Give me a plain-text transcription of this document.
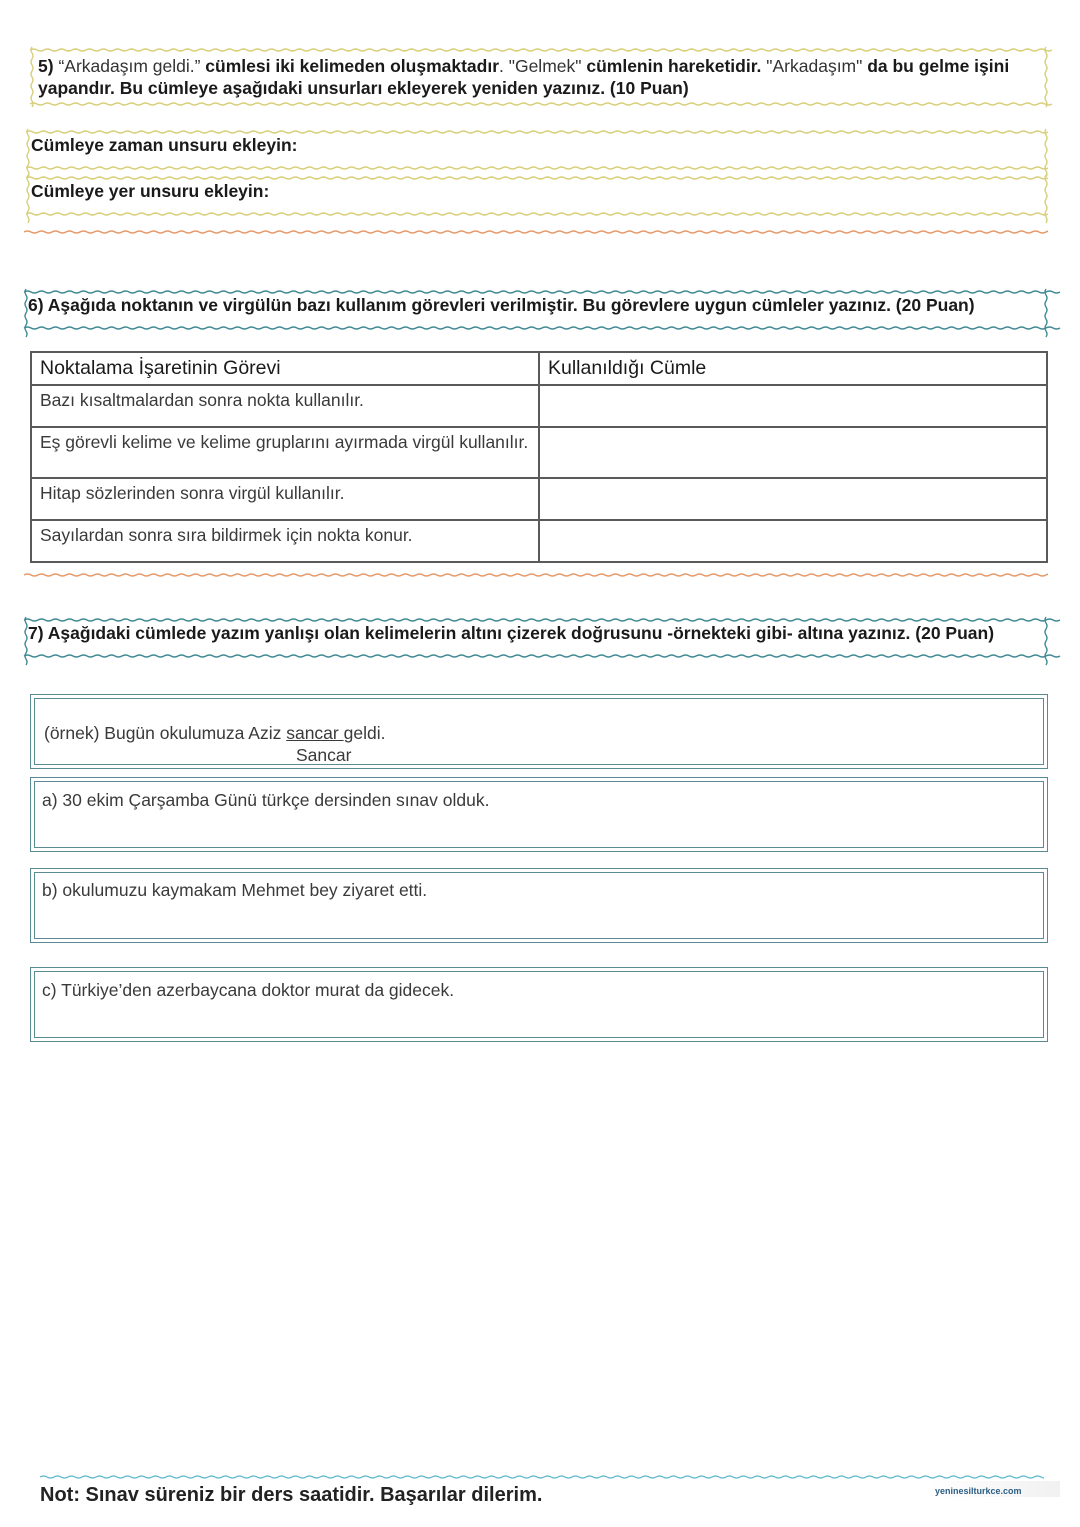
5) “Arkadaşım geldi.” cümlesi iki kelimeden oluşmaktadır. "Gelmek" cümlenin hareketidir. "Arkadaşım" da bu gelme işini
yapandır. Bu cümleye aşağıdaki unsurları ekleyerek yeniden yazınız. (10 Puan)
Cümleye zaman unsuru ekleyin:
Cümleye yer unsuru ekleyin:
6) Aşağıda noktanın ve virgülün bazı kullanım görevleri verilmiştir. Bu görevlere uygun cümleler yazınız. (20 Puan)
Noktalama İşaretinin Görevi	Kullanıldığı Cümle
Bazı kısaltmalardan sonra nokta kullanılır.	
Eş görevli kelime ve kelime gruplarını ayırmada virgül kullanılır.	
Hitap sözlerinden sonra virgül kullanılır.	
Sayılardan sonra sıra bildirmek için nokta konur.	
7) Aşağıdaki cümlede yazım yanlışı olan kelimelerin altını çizerek doğrusunu -örnekteki gibi- altına yazınız. (20 Puan)
(örnek) Bugün okulumuza Aziz sancar geldi.
Sancar
a) 30 ekim Çarşamba Günü türkçe dersinden sınav olduk.
b) okulumuzu kaymakam Mehmet bey ziyaret etti.
c) Türkiye’den azerbaycana doktor murat da gidecek.
Not: Sınav süreniz bir ders saatidir. Başarılar dilerim.	yeninesilturkce.com
